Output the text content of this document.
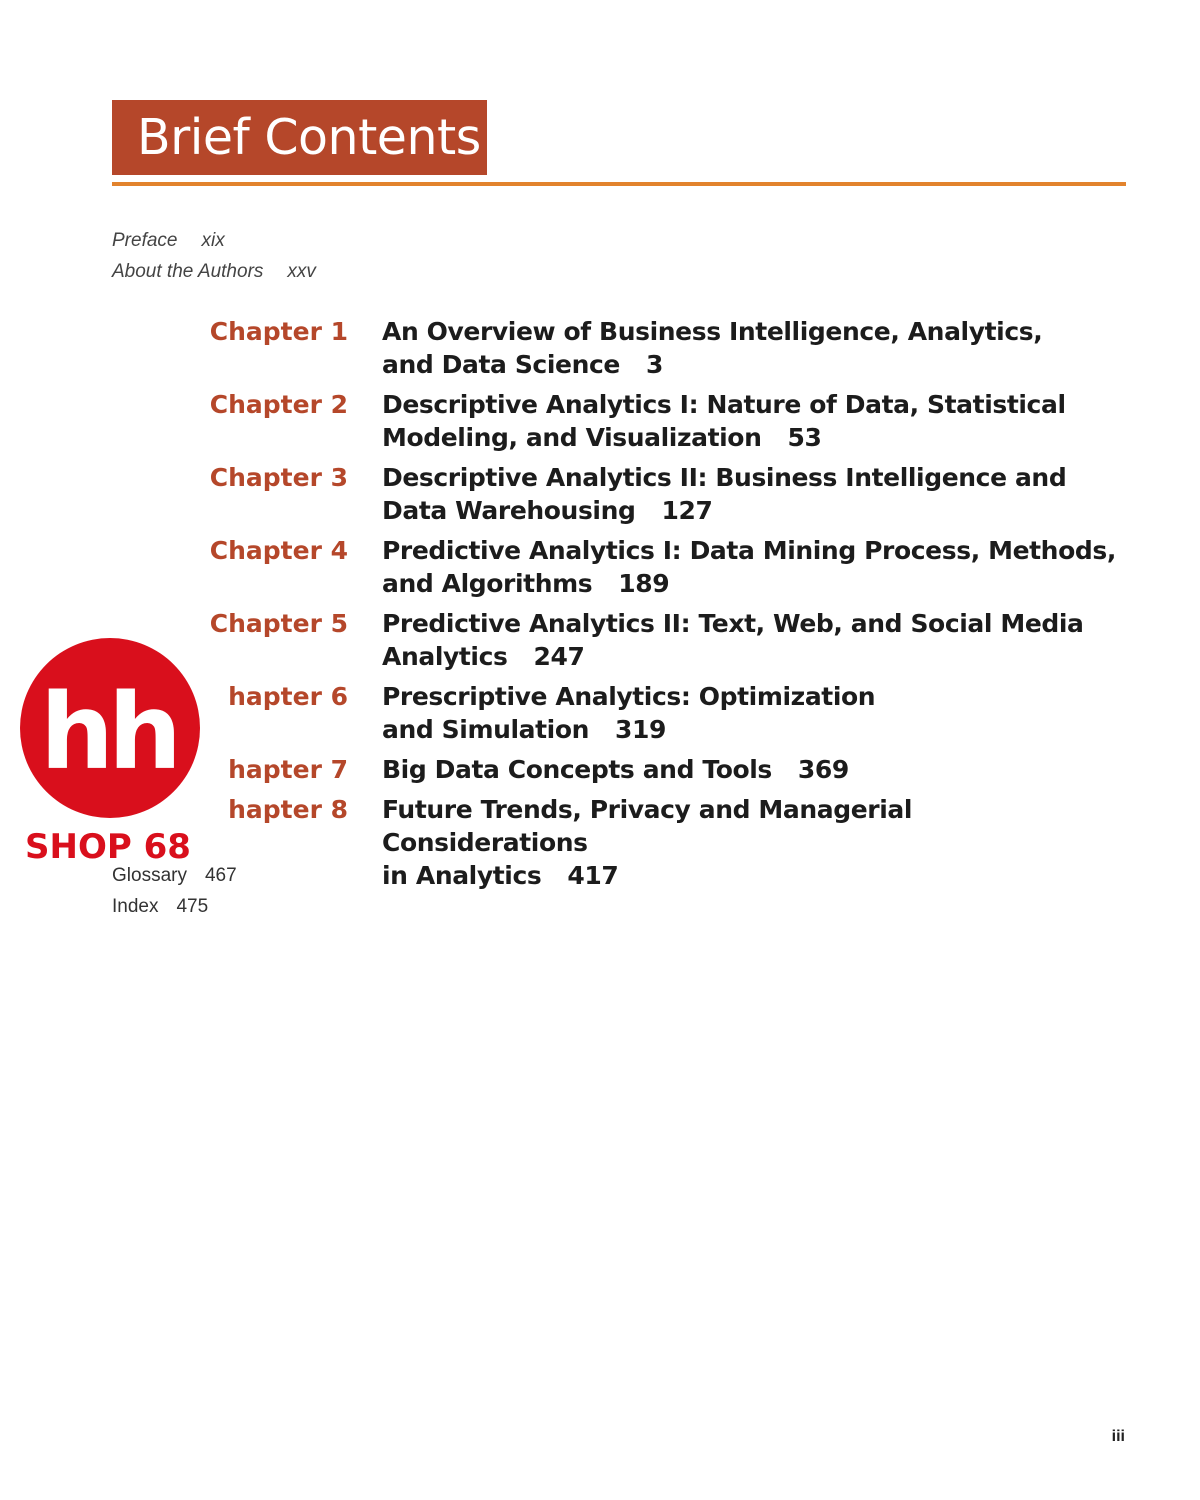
Brief Contents
Preface xix
About the Authors xxv
Chapter 1 An Overview of Business Intelligence, Analytics,
and Data Science 3
Chapter 2 Descriptive Analytics I: Nature of Data, Statistical
Modeling, and Visualization 53
Chapter 3 Descriptive Analytics II: Business Intelligence and
Data Warehousing 127
Chapter 4 Predictive Analytics I: Data Mining Process, Methods,
and Algorithms 189
Chapter 5 Predictive Analytics II: Text, Web, and Social Media
Analytics 247
hapter 6 Prescriptive Analytics: Optimization
and Simulation 319
hapter 7 Big Data Concepts and Tools 369
hapter 8 Future Trends, Privacy and Managerial Considerations
in Analytics 417
Glossary 467
Index 475
hh
SHOP 68
iii
